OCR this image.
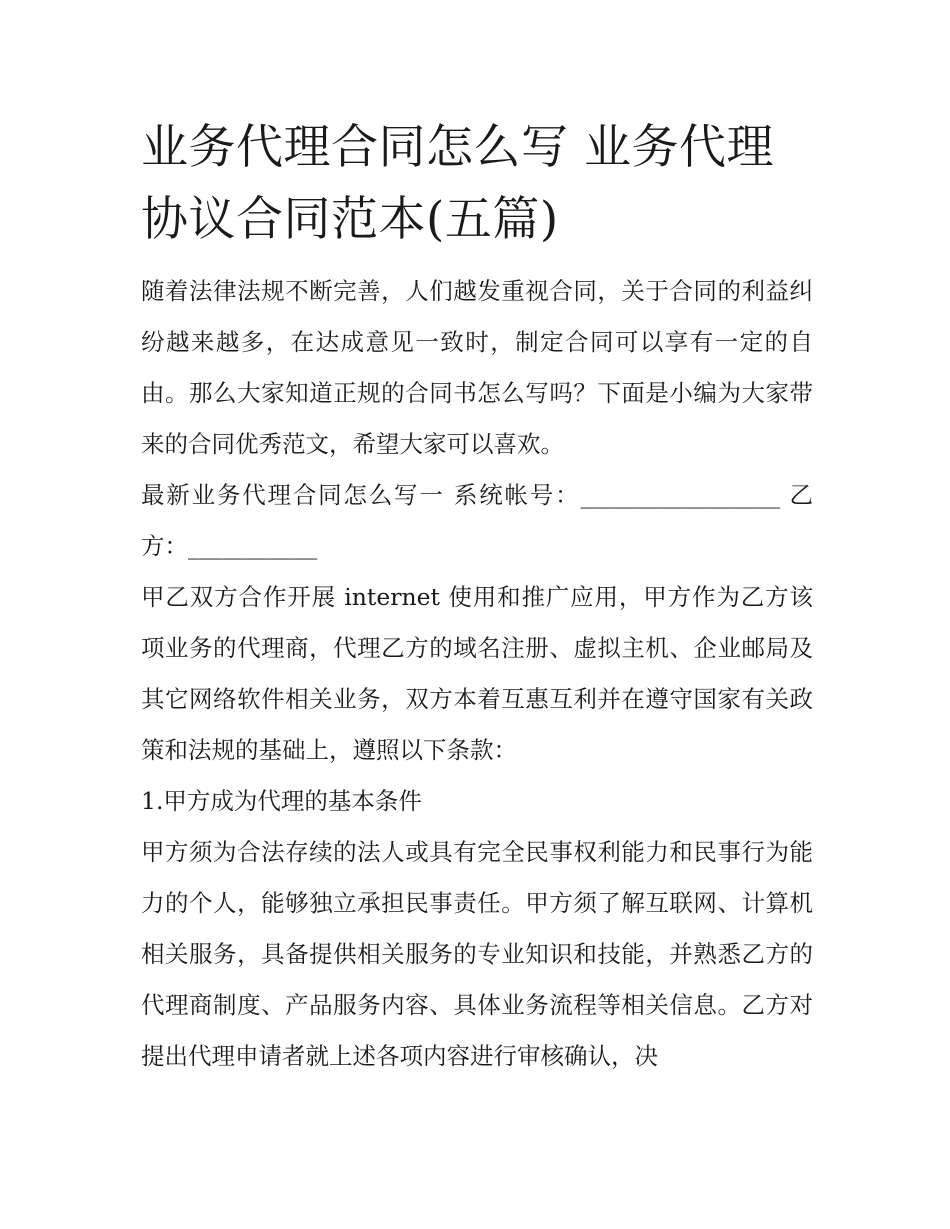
业务代理合同怎么写 业务代理协议合同范本(五篇)

随着法律法规不断完善，人们越发重视合同，关于合同的利益纠纷越来越多，在达成意见一致时，制定合同可以享有一定的自由。那么大家知道正规的合同书怎么写吗？下面是小编为大家带来的合同优秀范文，希望大家可以喜欢。

最新业务代理合同怎么写一 系统帐号：_________________ 乙方：___________

甲乙双方合作开展 internet 使用和推广应用，甲方作为乙方该项业务的代理商，代理乙方的域名注册、虚拟主机、企业邮局及其它网络软件相关业务，双方本着互惠互利并在遵守国家有关政策和法规的基础上，遵照以下条款：

1.甲方成为代理的基本条件

甲方须为合法存续的法人或具有完全民事权利能力和民事行为能力的个人，能够独立承担民事责任。甲方须了解互联网、计算机相关服务，具备提供相关服务的专业知识和技能，并熟悉乙方的代理商制度、产品服务内容、具体业务流程等相关信息。乙方对提出代理申请者就上述各项内容进行审核确认，决
